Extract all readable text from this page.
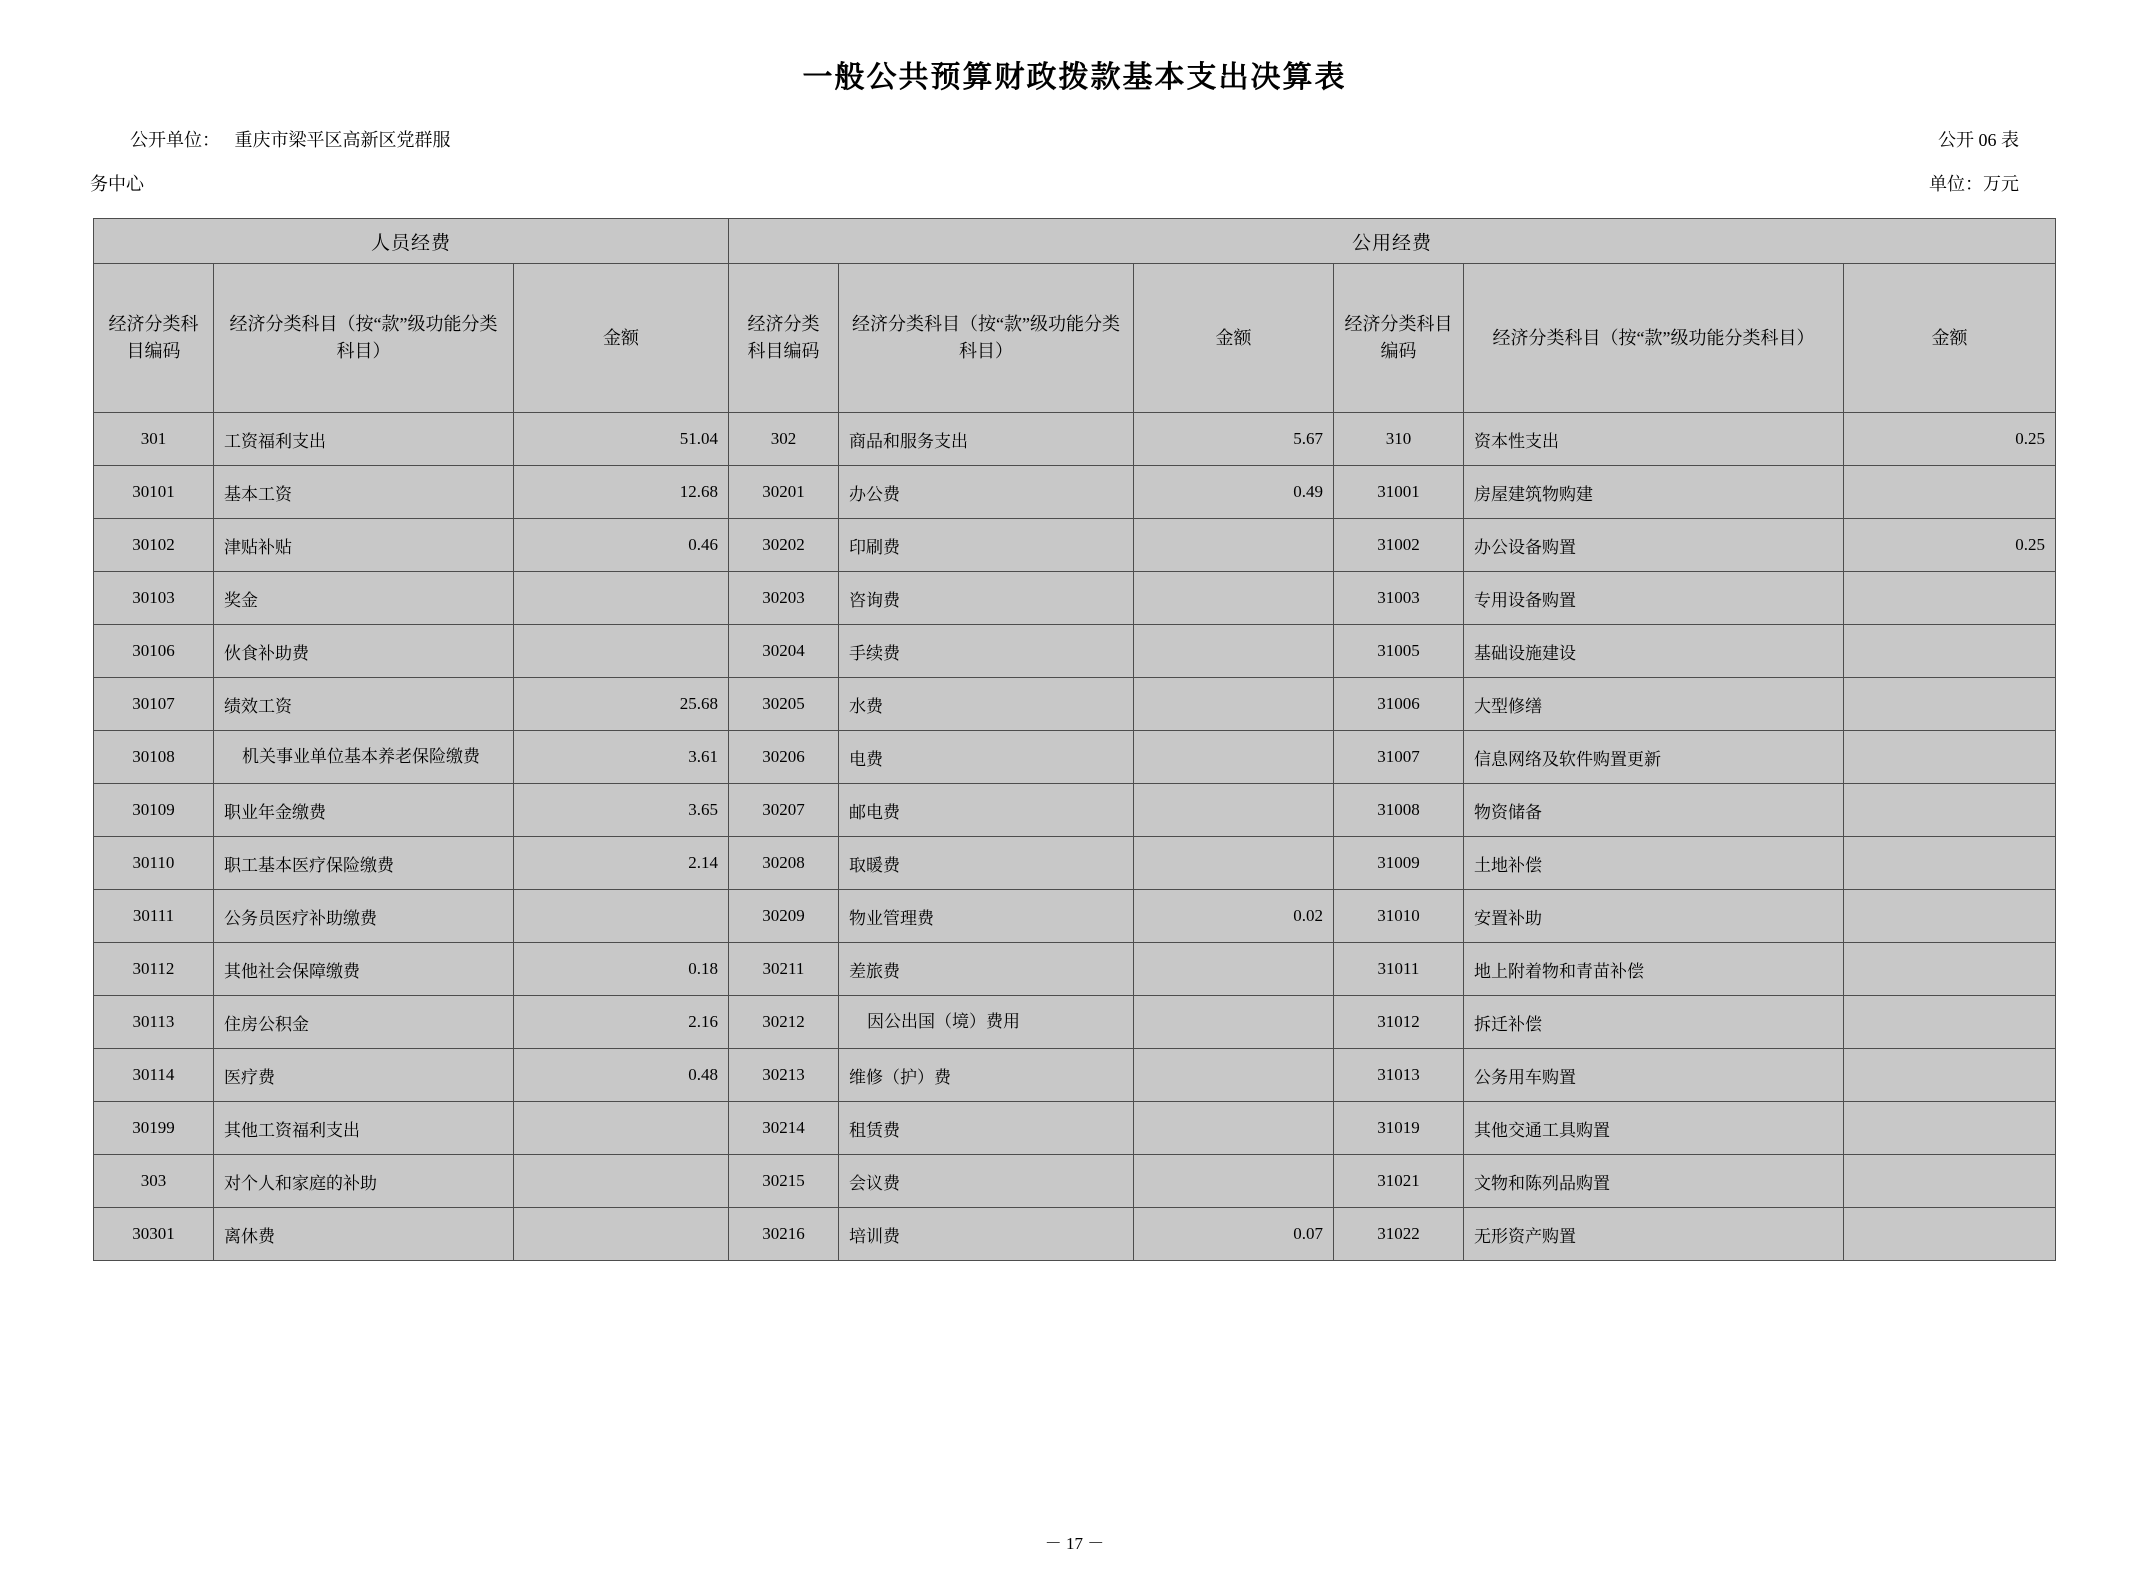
一般公共预算财政拨款基本支出决算表
公开单位： 重庆市梁平区高新区党群服	公开 06 表
务中心	单位：万元
人员经费			公用经费					
经济分类科目编码	经济分类科目（按“款”级功能分类科目）	金额	经济分类科目编码	经济分类科目（按“款”级功能分类科目）	金额	经济分类科目编码	经济分类科目（按“款”级功能分类科目）	金额
301	工资福利支出	51.04	302	商品和服务支出	5.67	310	资本性支出	0.25
30101	基本工资	12.68	30201	办公费	0.49	31001	房屋建筑物购建	
30102	津贴补贴	0.46	30202	印刷费		31002	办公设备购置	0.25
30103	奖金		30203	咨询费		31003	专用设备购置	
30106	伙食补助费		30204	手续费		31005	基础设施建设	
30107	绩效工资	25.68	30205	水费		31006	大型修缮	
30108	机关事业单位基本养老保险缴费	3.61	30206	电费		31007	信息网络及软件购置更新	
30109	职业年金缴费	3.65	30207	邮电费		31008	物资储备	
30110	职工基本医疗保险缴费	2.14	30208	取暖费		31009	土地补偿	
30111	公务员医疗补助缴费		30209	物业管理费	0.02	31010	安置补助	
30112	其他社会保障缴费	0.18	30211	差旅费		31011	地上附着物和青苗补偿	
30113	住房公积金	2.16	30212	因公出国（境）费用		31012	拆迁补偿	
30114	医疗费	0.48	30213	维修（护）费		31013	公务用车购置	
30199	其他工资福利支出		30214	租赁费		31019	其他交通工具购置	
303	对个人和家庭的补助		30215	会议费		31021	文物和陈列品购置	
30301	离休费		30216	培训费	0.07	31022	无形资产购置	
－ 17 －
